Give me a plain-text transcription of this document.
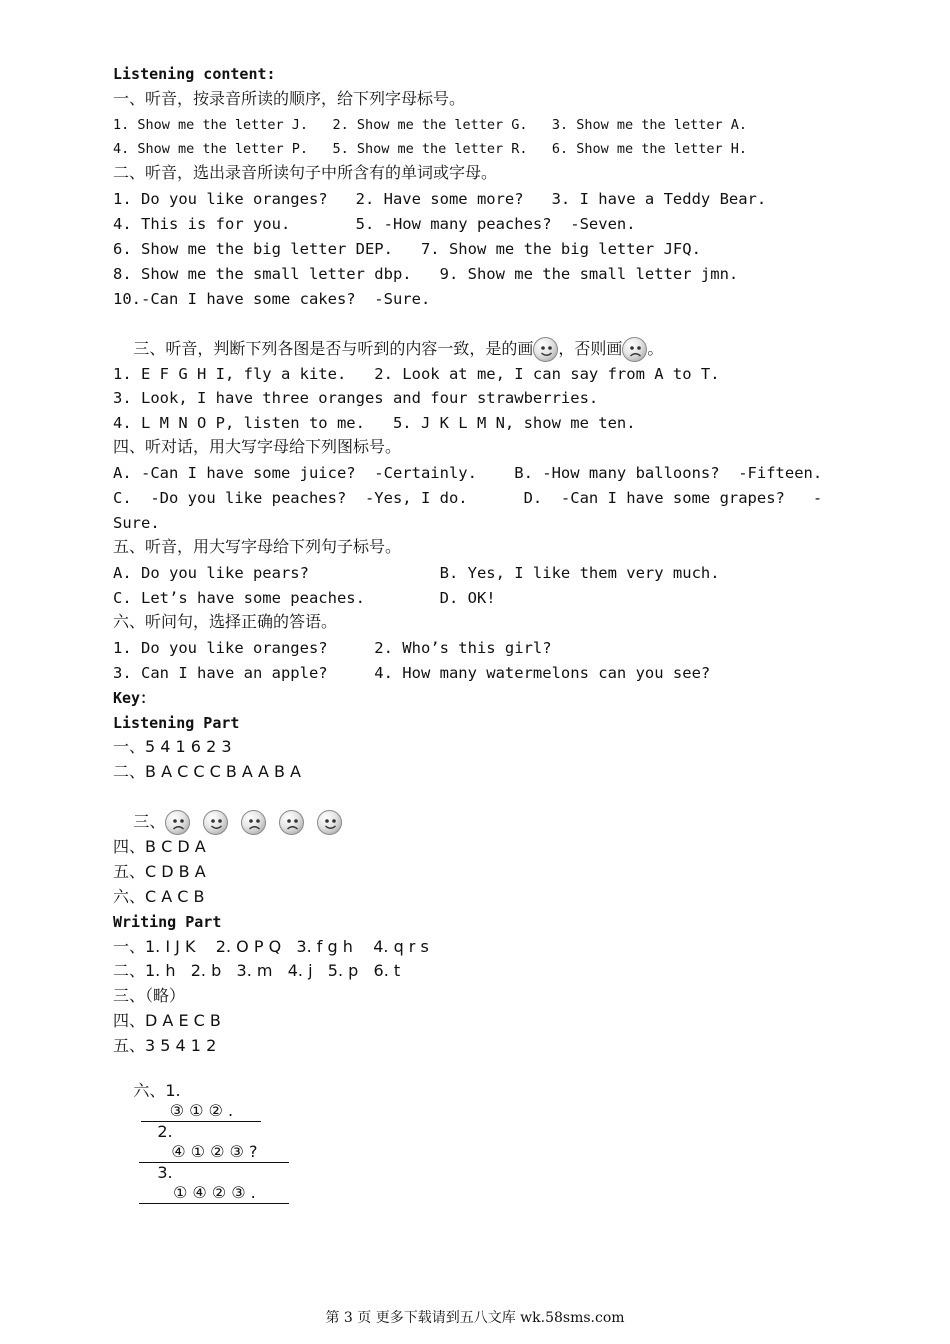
Listening content:
一、听音，按录音所读的顺序，给下列字母标号。
1. Show me the letter J.   2. Show me the letter G.   3. Show me the letter A.
4. Show me the letter P.   5. Show me the letter R.   6. Show me the letter H.
二、听音，选出录音所读句子中所含有的单词或字母。
1. Do you like oranges?   2. Have some more?   3. I have a Teddy Bear.
4. This is for you.       5. -How many peaches?  -Seven.
6. Show me the big letter DEP.   7. Show me the big letter JFQ.
8. Show me the small letter dbp.   9. Show me the small letter jmn.
10.-Can I have some cakes?  -Sure.

三、听音，判断下列各图是否与听到的内容一致，是的画 ，否则画 。

1. E F G H I, fly a kite.   2. Look at me, I can say from A to T.
3. Look, I have three oranges and four strawberries.
4. L M N O P, listen to me.   5. J K L M N, show me ten.
四、听对话，用大写字母给下列图标号。
A. -Can I have some juice?  -Certainly.    B. -How many balloons?  -Fifteen.
C.  -Do you like peaches?  -Yes, I do.      D.  -Can I have some grapes?   -
Sure.
五、听音，用大写字母给下列句子标号。
A. Do you like pears?              B. Yes, I like them very much.
C. Let’s have some peaches.        D. OK!
六、听问句，选择正确的答语。
1. Do you like oranges?     2. Who’s this girl?
3. Can I have an apple?     4. How many watermelons can you see?
Key：
Listening Part
一、5 4 1 6 2 3
二、B A C C C B A A B A

三、

四、B C D A
五、C D B A
六、C A C B
Writing Part
一、1. I J K    2. O P Q   3. f g h    4. q r s
二、1. h   2. b   3. m   4. j   5. p   6. t
三、（略）
四、D A E C B
五、3 5 4 1 2

六、1.
③ ① ② .
2.
④ ① ② ③ ?
3.
① ④ ② ③ .

第 3 页 更多下载请到五八文库 wk.58sms.com
